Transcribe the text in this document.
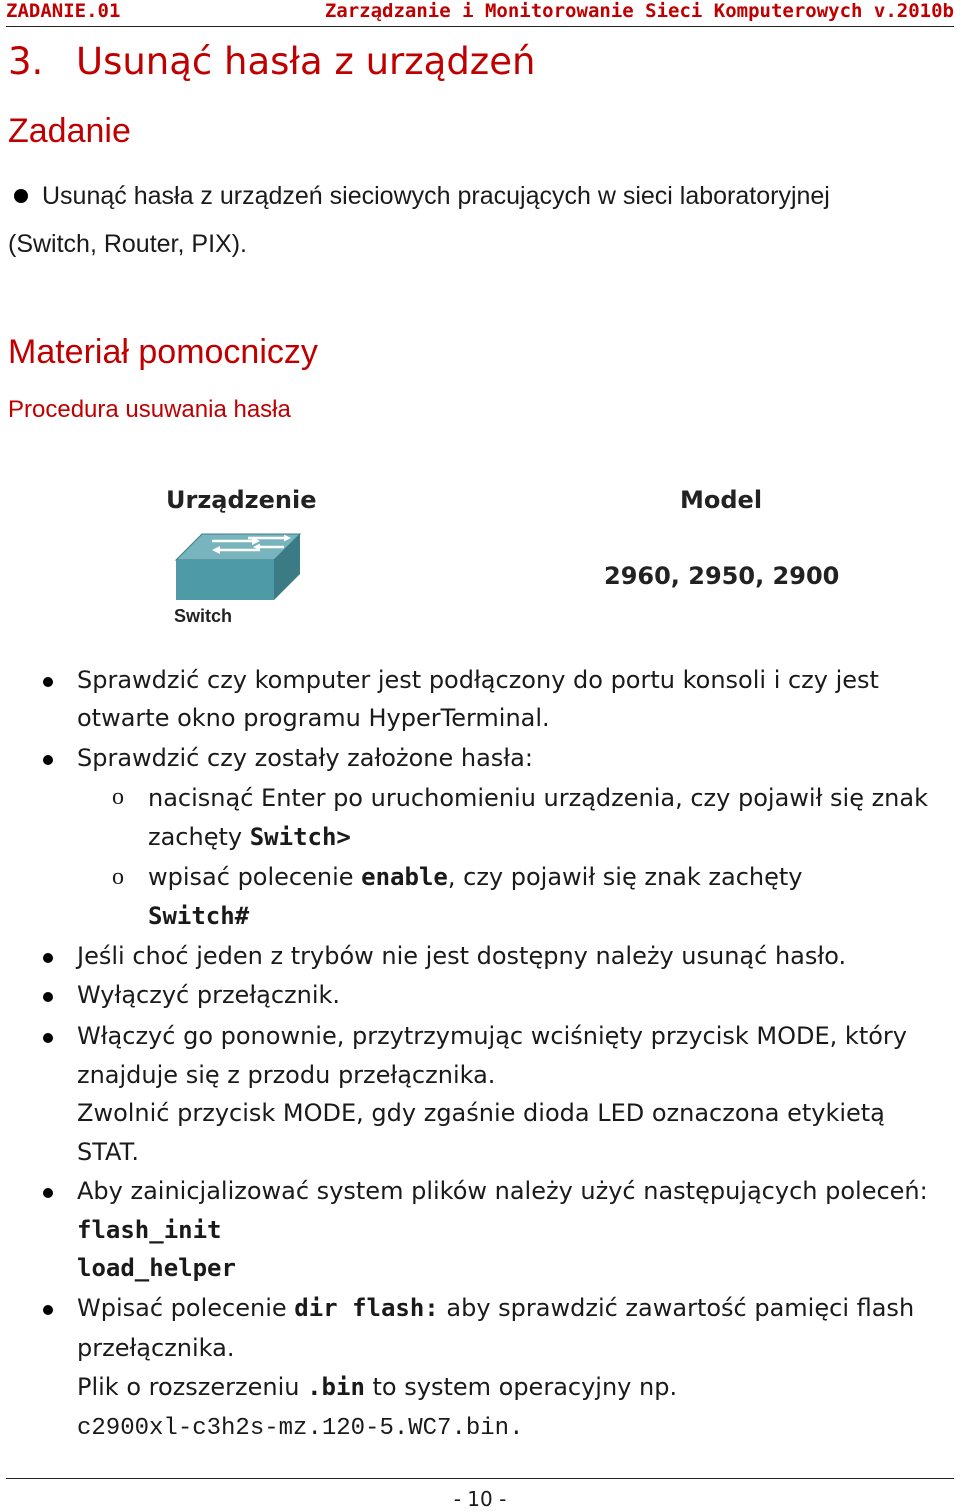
ZADANIE.01	Zarządzanie i Monitorowanie Sieci Komputerowych v.2010b
3. Usunąć hasła z urządzeń
Zadanie
Usunąć hasła z urządzeń sieciowych pracujących w sieci laboratoryjnej
(Switch, Router, PIX).
Materiał pomocniczy
Procedura usuwania hasła
Urządzenie	Model
Switch
2960, 2950, 2900
Sprawdzić czy komputer jest podłączony do portu konsoli i czy jest
otwarte okno programu HyperTerminal.
Sprawdzić czy zostały założone hasła:
o nacisnąć Enter po uruchomieniu urządzenia, czy pojawił się znak
zachęty Switch>
o wpisać polecenie enable, czy pojawił się znak zachęty
Switch#
Jeśli choć jeden z trybów nie jest dostępny należy usunąć hasło.
Wyłączyć przełącznik.
Włączyć go ponownie, przytrzymując wciśnięty przycisk MODE, który
znajduje się z przodu przełącznika.
Zwolnić przycisk MODE, gdy zgaśnie dioda LED oznaczona etykietą
STAT.
Aby zainicjalizować system plików należy użyć następujących poleceń:
flash_init
load_helper
Wpisać polecenie dir flash: aby sprawdzić zawartość pamięci flash
przełącznika.
Plik o rozszerzeniu .bin to system operacyjny np.
c2900xl-c3h2s-mz.120-5.WC7.bin.
- 10 -
